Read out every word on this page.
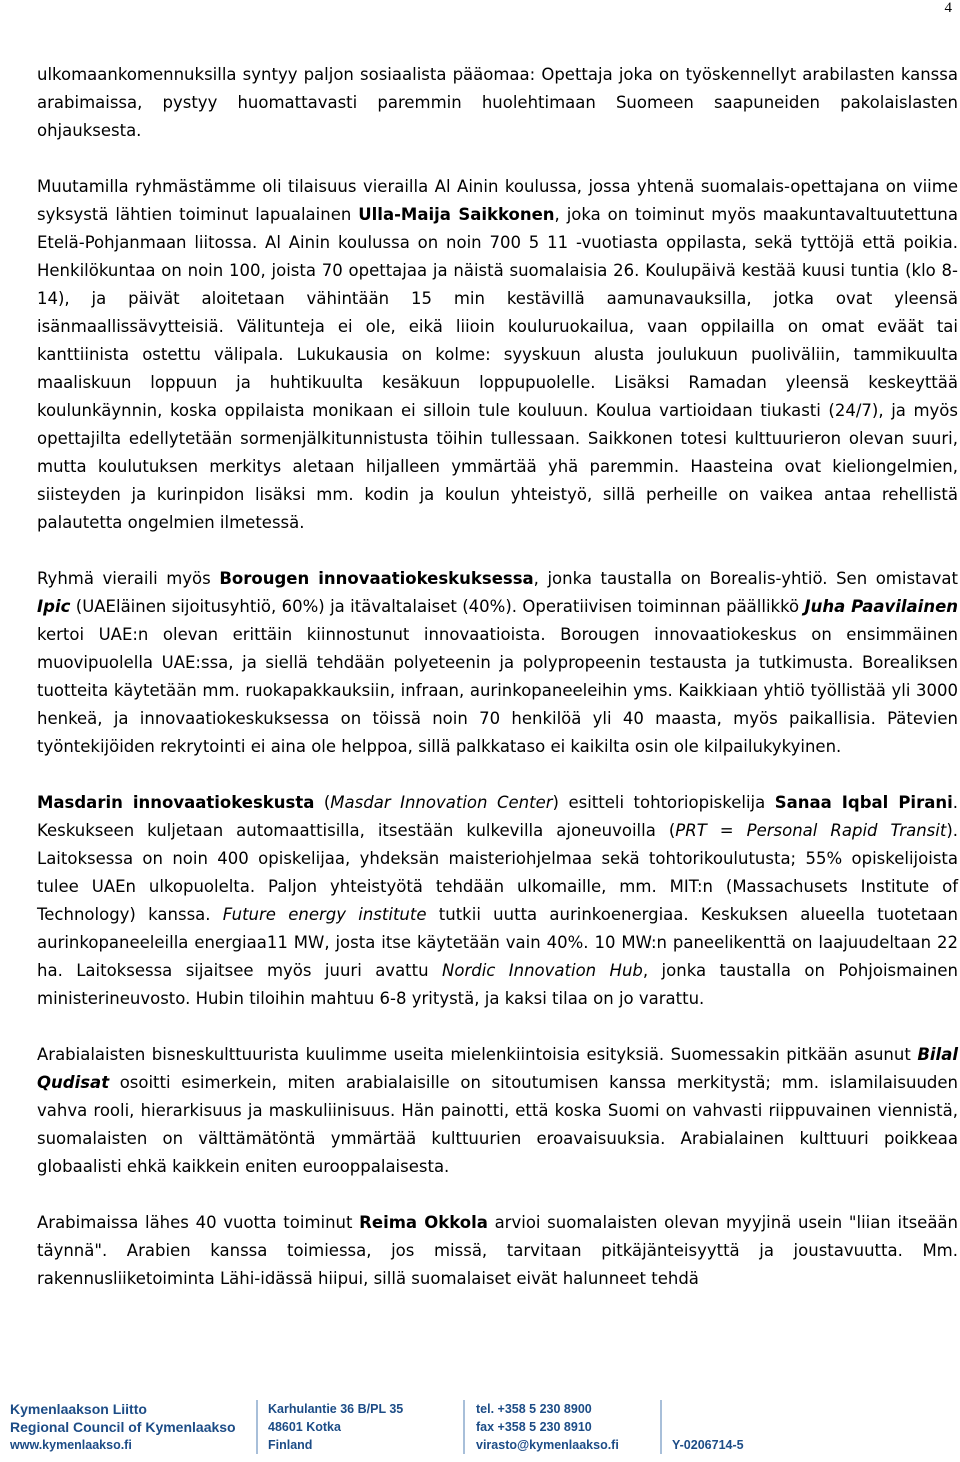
4

ulkomaankomennuksilla syntyy paljon sosiaalista pääomaa: Opettaja joka on työskennellyt arabilasten kanssa arabimaissa, pystyy huomattavasti paremmin huolehtimaan Suomeen saapuneiden pakolaislasten ohjauksesta.

Muutamilla ryhmästämme oli tilaisuus vierailla Al Ainin koulussa, jossa yhtenä suomalais-opettajana on viime syksystä lähtien toiminut lapualainen Ulla-Maija Saikkonen, joka on toiminut myös maakuntavaltuutettuna Etelä-Pohjanmaan liitossa. Al Ainin koulussa on noin 700 5 11 -vuotiasta oppilasta, sekä tyttöjä että poikia. Henkilökuntaa on noin 100, joista 70 opettajaa ja näistä suomalaisia 26. Koulupäivä kestää kuusi tuntia (klo 8-14), ja päivät aloitetaan vähintään 15 min kestävillä aamunavauksilla, jotka ovat yleensä isänmaallissävytteisiä. Välitunteja ei ole, eikä liioin kouluruokailua, vaan oppilailla on omat eväät tai kanttiinista ostettu välipala. Lukukausia on kolme: syyskuun alusta joulukuun puoliväliin, tammikuulta maaliskuun loppuun ja huhtikuulta kesäkuun loppupuolelle. Lisäksi Ramadan yleensä keskeyttää koulunkäynnin, koska oppilaista monikaan ei silloin tule kouluun. Koulua vartioidaan tiukasti (24/7), ja myös opettajilta edellytetään sormenjälkitunnistusta töihin tullessaan. Saikkonen totesi kulttuurieron olevan suuri, mutta koulutuksen merkitys aletaan hiljalleen ymmärtää yhä paremmin. Haasteina ovat kieliongelmien, siisteyden ja kurinpidon lisäksi mm. kodin ja koulun yhteistyö, sillä perheille on vaikea antaa rehellistä palautetta ongelmien ilmetessä.

Ryhmä vieraili myös Borougen innovaatiokeskuksessa, jonka taustalla on Borealis-yhtiö. Sen omistavat Ipic (UAEläinen sijoitusyhtiö, 60%) ja itävaltalaiset (40%). Operatiivisen toiminnan päällikkö Juha Paavilainen kertoi UAE:n olevan erittäin kiinnostunut innovaatioista. Borougen innovaatiokeskus on ensimmäinen muovipuolella UAE:ssa, ja siellä tehdään polyeteenin ja polypropeenin testausta ja tutkimusta. Borealiksen tuotteita käytetään mm. ruokapakkauksiin, infraan, aurinkopaneeleihin yms. Kaikkiaan yhtiö työllistää yli 3000 henkeä, ja innovaatiokeskuksessa on töissä noin 70 henkilöä yli 40 maasta, myös paikallisia. Pätevien työntekijöiden rekrytointi ei aina ole helppoa, sillä palkkataso ei kaikilta osin ole kilpailukykyinen.

Masdarin innovaatiokeskusta (Masdar Innovation Center) esitteli tohtoriopiskelija Sanaa Iqbal Pirani. Keskukseen kuljetaan automaattisilla, itsestään kulkevilla ajoneuvoilla (PRT = Personal Rapid Transit). Laitoksessa on noin 400 opiskelijaa, yhdeksän maisteriohjelmaa sekä tohtorikoulutusta; 55% opiskelijoista tulee UAEn ulkopuolelta. Paljon yhteistyötä tehdään ulkomaille, mm. MIT:n (Massachusets Institute of Technology) kanssa. Future energy institute tutkii uutta aurinkoenergiaa. Keskuksen alueella tuotetaan aurinkopaneeleilla energiaa11 MW, josta itse käytetään vain 40%. 10 MW:n paneelikenttä on laajuudeltaan 22 ha. Laitoksessa sijaitsee myös juuri avattu Nordic Innovation Hub, jonka taustalla on Pohjoismainen ministerineuvosto. Hubin tiloihin mahtuu 6-8 yritystä, ja kaksi tilaa on jo varattu.

Arabialaisten bisneskulttuurista kuulimme useita mielenkiintoisia esityksiä. Suomessakin pitkään asunut Bilal Qudisat osoitti esimerkein, miten arabialaisille on sitoutumisen kanssa merkitystä; mm. islamilaisuuden vahva rooli, hierarkisuus ja maskuliinisuus. Hän painotti, että koska Suomi on vahvasti riippuvainen viennistä, suomalaisten on välttämätöntä ymmärtää kulttuurien eroavaisuuksia. Arabialainen kulttuuri poikkeaa globaalisti ehkä kaikkein eniten eurooppalaisesta.

Arabimaissa lähes 40 vuotta toiminut Reima Okkola arvioi suomalaisten olevan myyjinä usein "liian itseään täynnä". Arabien kanssa toimiessa, jos missä, tarvitaan pitkäjänteisyyttä ja joustavuutta. Mm. rakennusliiketoiminta Lähi-idässä hiipui, sillä suomalaiset eivät halunneet tehdä

Kymenlaakson Liitto
Regional Council of Kymenlaakso
www.kymenlaakso.fi
Karhulantie 36 B/PL 35
48601 Kotka
Finland
tel. +358 5 230 8900
fax +358 5 230 8910
virasto@kymenlaakso.fi	Y-0206714-5
